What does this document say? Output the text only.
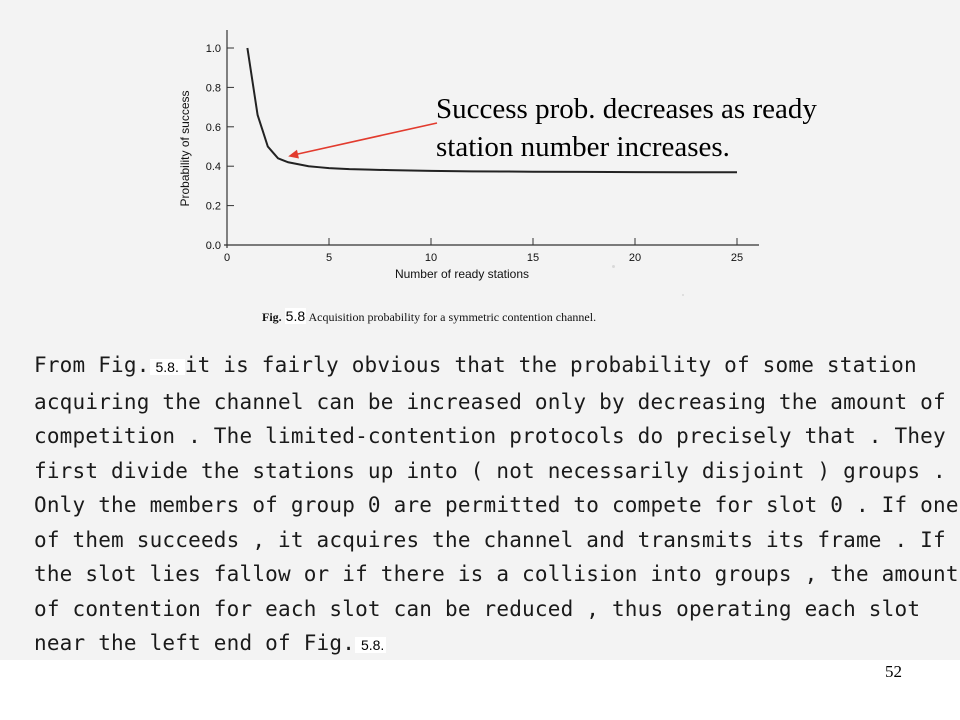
0.0
0.2
0.4
0.6
0.8
1.0
0	5	10	15	20	25
Number of ready stations
Probability of success	Success prob. decreases as ready
station number increases.
Fig. 5.8 Acquisition probability for a symmetric contention channel.
From Fig. 5.8. it is fairly obvious that the probability of some station
acquiring the channel can be increased only by decreasing the amount of
competition . The limited-contention protocols do precisely that . They
first divide the stations up into ( not necessarily disjoint ) groups .
Only the members of group 0 are permitted to compete for slot 0 . If one
of them succeeds , it acquires the channel and transmits its frame . If
the slot lies fallow or if there is a collision into groups , the amount
of contention for each slot can be reduced , thus operating each slot
near the left end of Fig. 5.8.
52
